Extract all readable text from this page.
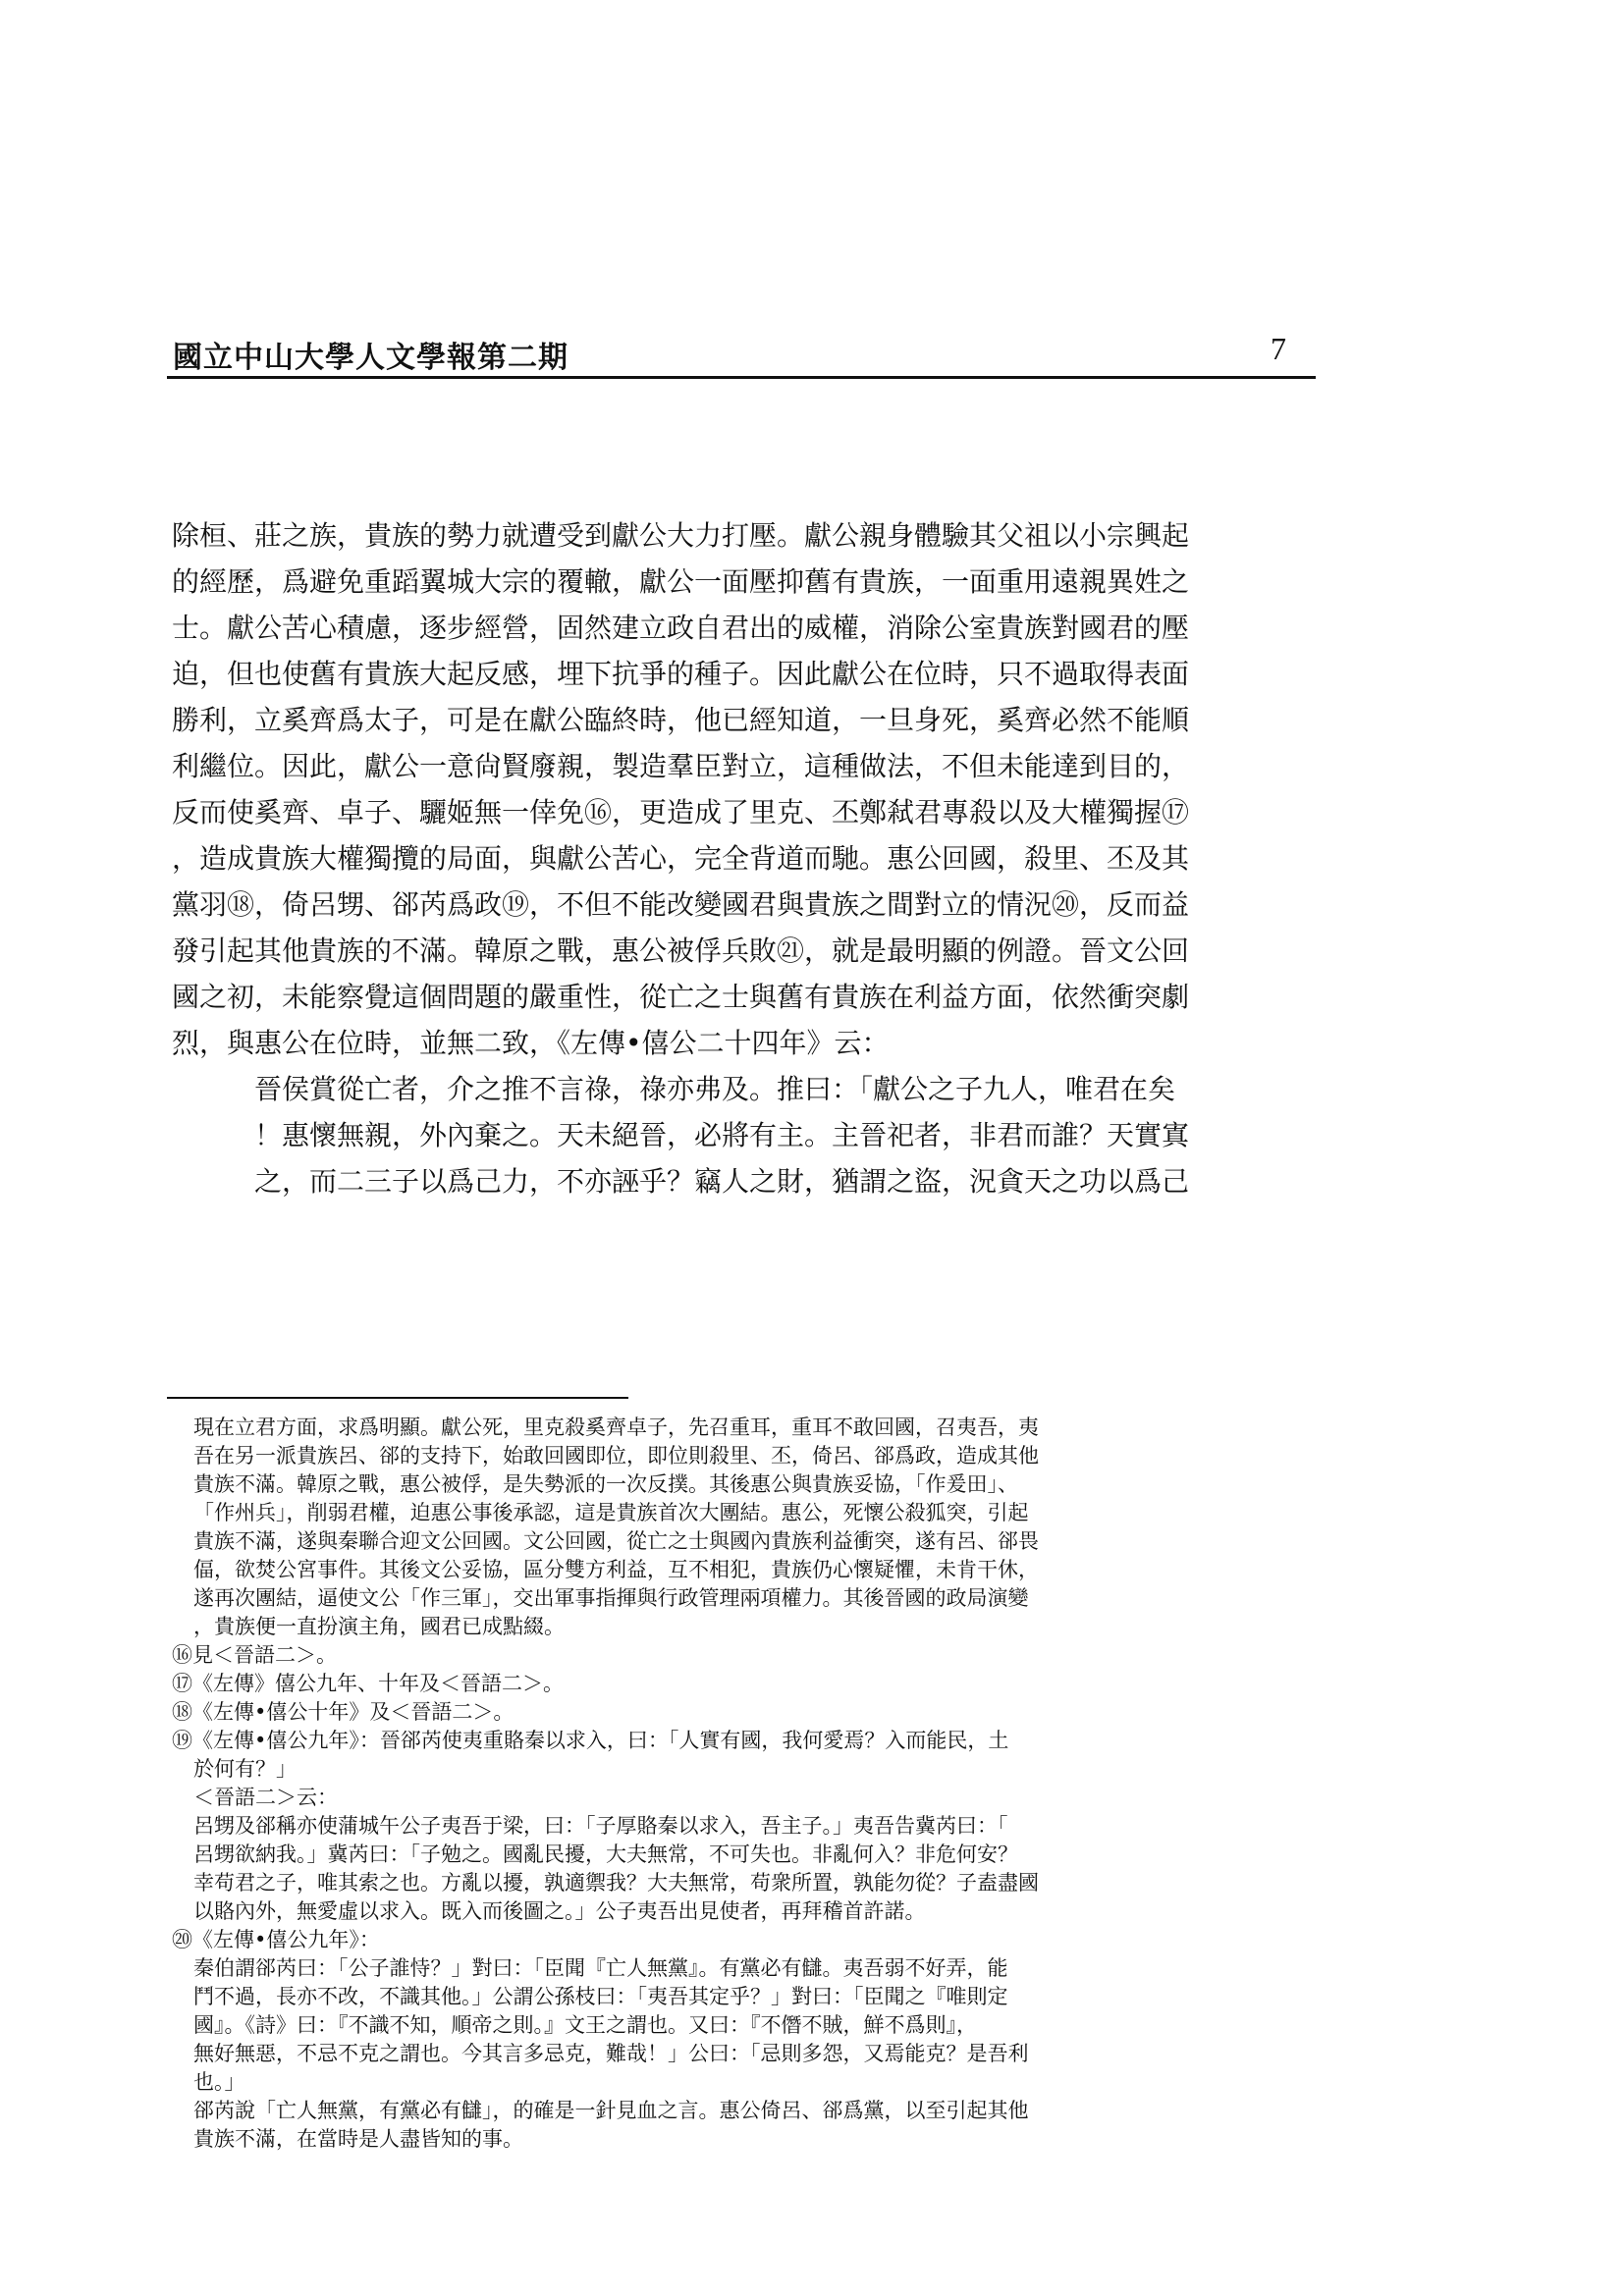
國立中山大學人文學報第二期	7

除桓、莊之族，貴族的勢力就遭受到獻公大力打壓。獻公親身體驗其父祖以小宗興起

的經歷，爲避免重蹈翼城大宗的覆轍，獻公一面壓抑舊有貴族，一面重用遠親異姓之

士。獻公苦心積慮，逐步經營，固然建立政自君出的威權，消除公室貴族對國君的壓

迫，但也使舊有貴族大起反感，埋下抗爭的種子。因此獻公在位時，只不過取得表面

勝利，立奚齊爲太子，可是在獻公臨終時，他已經知道，一旦身死，奚齊必然不能順

利繼位。因此，獻公一意尙賢廢親，製造羣臣對立，這種做法，不但未能達到目的，

反而使奚齊、卓子、驪姬無一倖免⑯，更造成了里克、丕鄭弒君專殺以及大權獨握⑰

，造成貴族大權獨攬的局面，與獻公苦心，完全背道而馳。惠公回國，殺里、丕及其

黨羽⑱，倚呂甥、郤芮爲政⑲，不但不能改變國君與貴族之間對立的情況⑳，反而益

發引起其他貴族的不滿。韓原之戰，惠公被俘兵敗㉑，就是最明顯的例證。晉文公回

國之初，未能察覺這個問題的嚴重性，從亡之士與舊有貴族在利益方面，依然衝突劇

烈，與惠公在位時，並無二致，《左傳•僖公二十四年》云：

晉侯賞從亡者，介之推不言祿，祿亦弗及。推曰：「獻公之子九人，唯君在矣

！惠懷無親，外內棄之。天未絕晉，必將有主。主晉祀者，非君而誰？天實寘

之，而二三子以爲己力，不亦誣乎？竊人之財，猶謂之盜，況貪天之功以爲己

現在立君方面，求爲明顯。獻公死，里克殺奚齊卓子，先召重耳，重耳不敢回國，召夷吾，夷

吾在另一派貴族呂、郤的支持下，始敢回國即位，即位則殺里、丕，倚呂、郤爲政，造成其他

貴族不滿。韓原之戰，惠公被俘，是失勢派的一次反撲。其後惠公與貴族妥協，「作爰田」、

「作州兵」，削弱君權，迫惠公事後承認，這是貴族首次大團結。惠公，死懷公殺狐突，引起

貴族不滿，遂與秦聯合迎文公回國。文公回國，從亡之士與國內貴族利益衝突，遂有呂、郤畏

偪，欲焚公宮事件。其後文公妥協，區分雙方利益，互不相犯，貴族仍心懷疑懼，未肯干休，

遂再次團結，逼使文公「作三軍」，交出軍事指揮與行政管理兩項權力。其後晉國的政局演變

，貴族便一直扮演主角，國君已成點綴。

⑯見＜晉語二＞。

⑰《左傳》僖公九年、十年及＜晉語二＞。

⑱《左傳•僖公十年》及＜晉語二＞。

⑲《左傳•僖公九年》：晉郤芮使夷重賂秦以求入，曰：「人實有國，我何愛焉？入而能民，土

於何有？」

＜晉語二＞云：

呂甥及郤稱亦使蒲城午公子夷吾于梁，曰：「子厚賂秦以求入，吾主子。」夷吾告冀芮曰：「

呂甥欲納我。」冀芮曰：「子勉之。國亂民擾，大夫無常，不可失也。非亂何入？非危何安？

幸苟君之子，唯其索之也。方亂以擾，孰適禦我？大夫無常，苟衆所置，孰能勿從？子盍盡國

以賂內外，無愛虛以求入。既入而後圖之。」公子夷吾出見使者，再拜稽首許諾。

⑳《左傳•僖公九年》：

秦伯謂郤芮曰：「公子誰恃？」對曰：「臣聞『亡人無黨』。有黨必有讎。夷吾弱不好弄，能

鬥不過，長亦不改，不識其他。」公謂公孫枝曰：「夷吾其定乎？」對曰：「臣聞之『唯則定

國』。《詩》曰：『不識不知，順帝之則。』文王之謂也。又曰：『不僭不賊，鮮不爲則』，

無好無惡，不忌不克之謂也。今其言多忌克，難哉！」公曰：「忌則多怨，又焉能克？是吾利

也。」

郤芮說「亡人無黨，有黨必有讎」，的確是一針見血之言。惠公倚呂、郤爲黨，以至引起其他

貴族不滿，在當時是人盡皆知的事。
